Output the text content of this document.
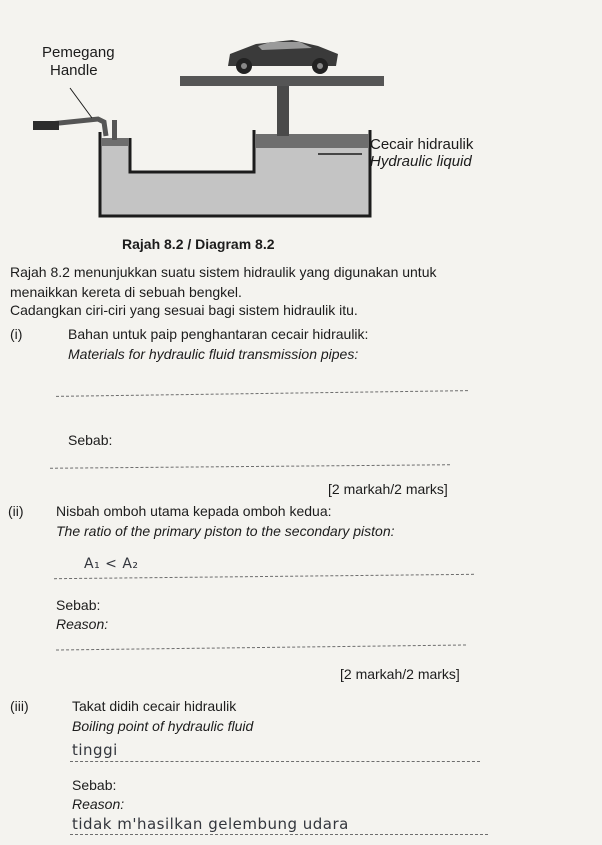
Pemegang
Handle
Cecair hidraulik
Hydraulic liquid
Rajah 8.2 / Diagram 8.2
Rajah 8.2 menunjukkan suatu sistem hidraulik yang digunakan untuk
menaikkan kereta di sebuah bengkel.
Cadangkan ciri-ciri yang sesuai bagi sistem hidraulik itu.
(i)	Bahan untuk paip penghantaran cecair hidraulik:
Materials for hydraulic fluid transmission pipes:
Sebab:
[2 markah/2 marks]
(ii) Nisbah omboh utama kepada omboh kedua:
The ratio of the primary piston to the secondary piston:
A₁ < A₂
Sebab:
Reason:
[2 markah/2 marks]
(iii)	Takat didih cecair hidraulik
Boiling point of hydraulic fluid
tinggi
Sebab:
Reason:
tidak m'hasilkan gelembung udara
